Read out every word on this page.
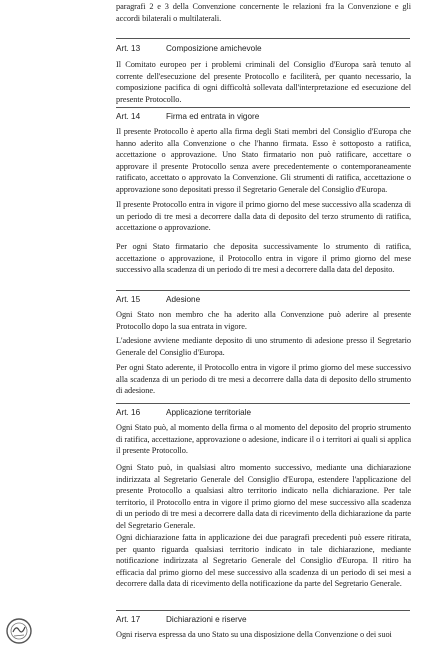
paragrafi 2 e 3 della Convenzione concernente le relazioni fra la Convenzione e gli accordi bilaterali o multilaterali.
Art. 13	Composizione amichevole
Il Comitato europeo per i problemi criminali del Consiglio d'Europa sarà tenuto al corrente dell'esecuzione del presente Protocollo e faciliterà, per quanto necessario, la composizione pacifica di ogni difficoltà sollevata dall'interpretazione ed esecuzione del presente Protocollo.
Art. 14	Firma ed entrata in vigore
Il presente Protocollo è aperto alla firma degli Stati membri del Consiglio d'Europa che hanno aderito alla Convenzione o che l'hanno firmata. Esso è sottoposto a ratifica, accettazione o approvazione. Uno Stato firmatario non può ratificare, accettare o approvare il presente Protocollo senza avere precedentemente o contemporaneamente ratificato, accettato o approvato la Convenzione. Gli strumenti di ratifica, accettazione o approvazione sono depositati presso il Segretario Generale del Consiglio d'Europa.
Il presente Protocollo entra in vigore il primo giorno del mese successivo alla scadenza di un periodo di tre mesi a decorrere dalla data di deposito del terzo strumento di ratifica, accettazione o approvazione.
Per ogni Stato firmatario che deposita successivamente lo strumento di ratifica, accettazione o approvazione, il Protocollo entra in vigore il primo giorno del mese successivo alla scadenza di un periodo di tre mesi a decorrere dalla data del deposito.
Art. 15	Adesione
Ogni Stato non membro che ha aderito alla Convenzione può aderire al presente Protocollo dopo la sua entrata in vigore.
L'adesione avviene mediante deposito di uno strumento di adesione presso il Segretario Generale del Consiglio d'Europa.
Per ogni Stato aderente, il Protocollo entra in vigore il primo giorno del mese successivo alla scadenza di un periodo di tre mesi a decorrere dalla data di deposito dello strumento di adesione.
Art. 16	Applicazione territoriale
Ogni Stato può, al momento della firma o al momento del deposito del proprio strumento di ratifica, accettazione, approvazione o adesione, indicare il o i territori ai quali si applica il presente Protocollo.
Ogni Stato può, in qualsiasi altro momento successivo, mediante una dichiarazione indirizzata al Segretario Generale del Consiglio d'Europa, estendere l'applicazione del presente Protocollo a qualsiasi altro territorio indicato nella dichiarazione. Per tale territorio, il Protocollo entra in vigore il primo giorno del mese successivo alla scadenza di un periodo di tre mesi a decorrere dalla data di ricevimento della dichiarazione da parte del Segretario Generale.
Ogni dichiarazione fatta in applicazione dei due paragrafi precedenti può essere ritirata, per quanto riguarda qualsiasi territorio indicato in tale dichiarazione, mediante notificazione indirizzata al Segretario Generale del Consiglio d'Europa. Il ritiro ha efficacia dal primo giorno del mese successivo alla scadenza di un periodo di sei mesi a decorrere dalla data di ricevimento della notificazione da parte del Segretario Generale.
Art. 17	Dichiarazioni e riserve
Ogni riserva espressa da uno Stato su una disposizione della Convenzione o dei suoi
